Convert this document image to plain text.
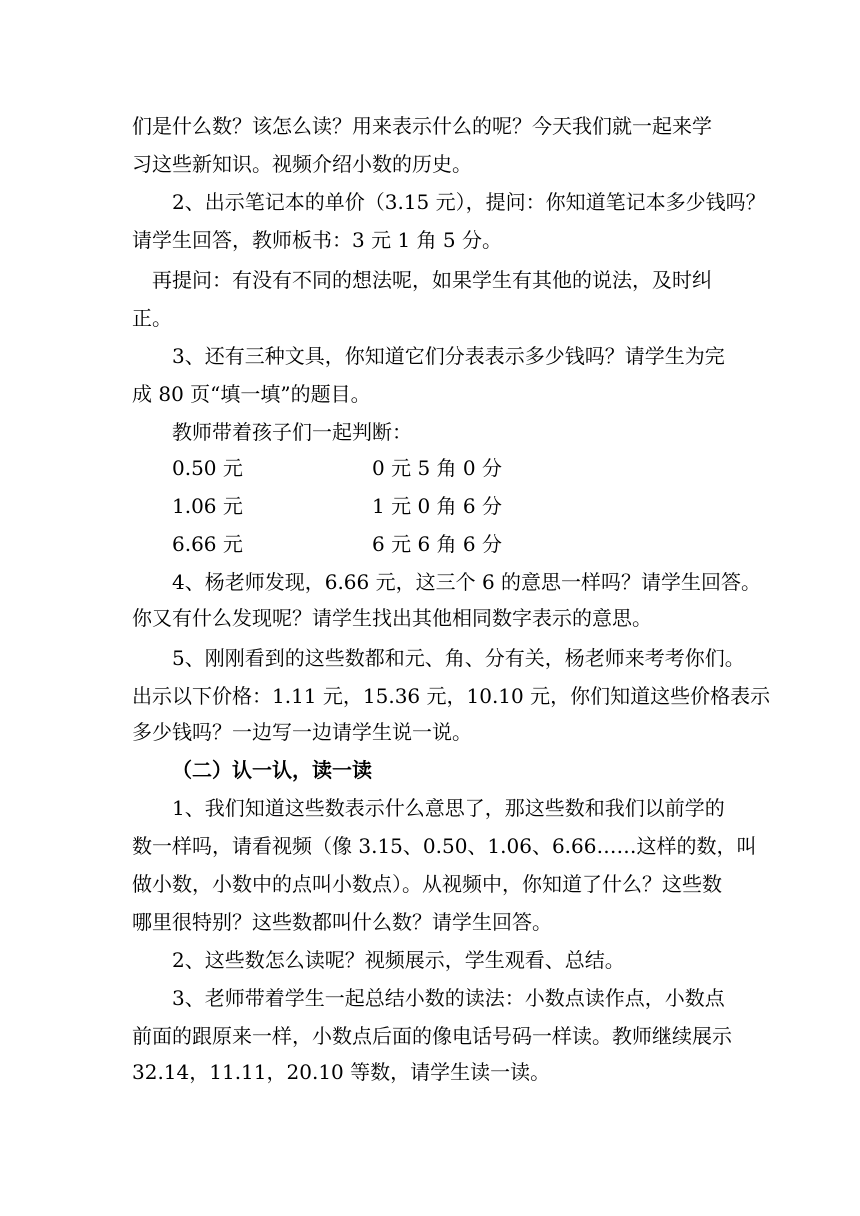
们是什么数？该怎么读？用来表示什么的呢？今天我们就一起来学
习这些新知识。视频介绍小数的历史。
2、出示笔记本的单价（3.15 元），提问：你知道笔记本多少钱吗？
请学生回答，教师板书：3 元 1 角 5 分。
再提问：有没有不同的想法呢，如果学生有其他的说法，及时纠
正。
3、还有三种文具，你知道它们分表表示多少钱吗？请学生为完
成 80 页“填一填”的题目。
教师带着孩子们一起判断：
0.50 元	0 元 5 角 0 分
1.06 元	1 元 0 角 6 分
6.66 元	6 元 6 角 6 分
4、杨老师发现，6.66 元，这三个 6 的意思一样吗？请学生回答。
你又有什么发现呢？请学生找出其他相同数字表示的意思。
5、刚刚看到的这些数都和元、角、分有关，杨老师来考考你们。
出示以下价格：1.11 元，15.36 元，10.10 元，你们知道这些价格表示
多少钱吗？一边写一边请学生说一说。
（二）认一认，读一读
1、我们知道这些数表示什么意思了，那这些数和我们以前学的
数一样吗，请看视频（像 3.15、0.50、1.06、6.66……这样的数，叫
做小数，小数中的点叫小数点）。从视频中，你知道了什么？这些数
哪里很特别？这些数都叫什么数？请学生回答。
2、这些数怎么读呢？视频展示，学生观看、总结。
3、老师带着学生一起总结小数的读法：小数点读作点，小数点
前面的跟原来一样，小数点后面的像电话号码一样读。教师继续展示
32.14，11.11，20.10 等数，请学生读一读。
